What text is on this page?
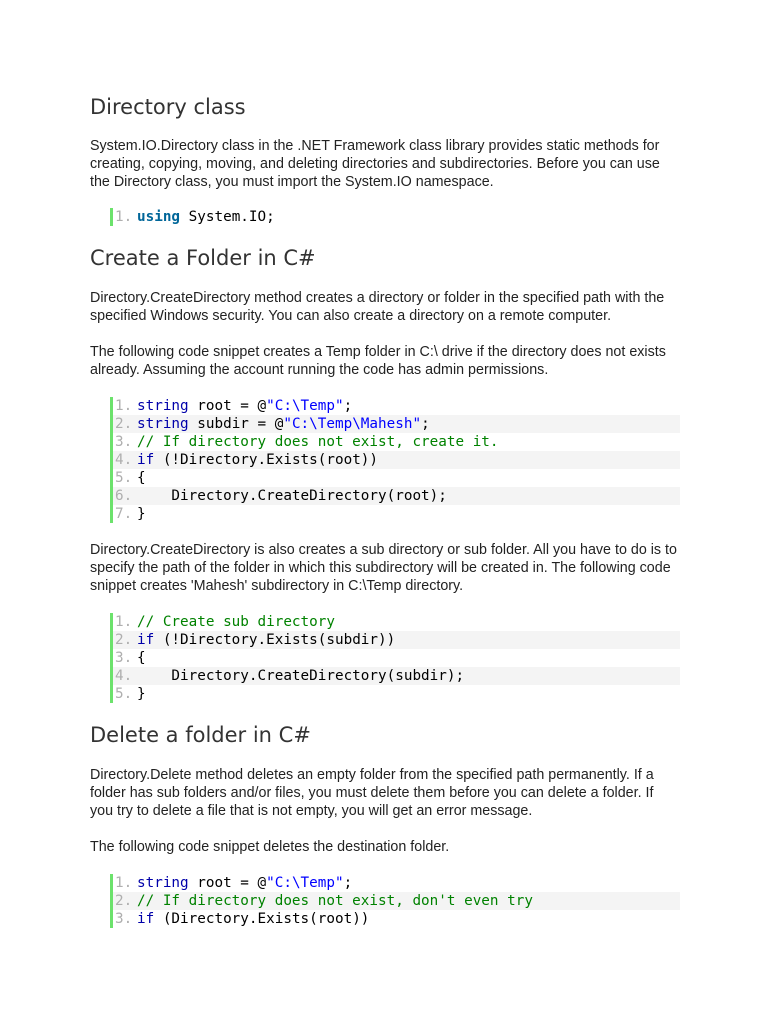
Directory class

System.IO.Directory class in the .NET Framework class library provides static methods for creating, copying, moving, and deleting directories and subdirectories. Before you can use the Directory class, you must import the System.IO namespace.

1. using System.IO;
Create a Folder in C#

Directory.CreateDirectory method creates a directory or folder in the specified path with the specified Windows security. You can also create a directory on a remote computer.

The following code snippet creates a Temp folder in C:\ drive if the directory does not exists already. Assuming the account running the code has admin permissions.

1. string root = @ "C:\Temp" ;
2. string subdir = @ "C:\Temp\Mahesh" ;
3. // If directory does not exist, create it.
4. if (!Directory.Exists(root))
5. {
6. Directory.CreateDirectory(root);
7. }

Directory.CreateDirectory is also creates a sub directory or sub folder. All you have to do is to specify the path of the folder in which this subdirectory will be created in. The following code snippet creates 'Mahesh' subdirectory in C:\Temp directory.

1. // Create sub directory
2. if (!Directory.Exists(subdir))
3. {
4. Directory.CreateDirectory(subdir);
5. }
Delete a folder in C#

Directory.Delete method deletes an empty folder from the specified path permanently. If a folder has sub folders and/or files, you must delete them before you can delete a folder. If you try to delete a file that is not empty, you will get an error message.

The following code snippet deletes the destination folder.

1. string root = @ "C:\Temp" ;
2. // If directory does not exist, don't even try
3. if (Directory.Exists(root))
